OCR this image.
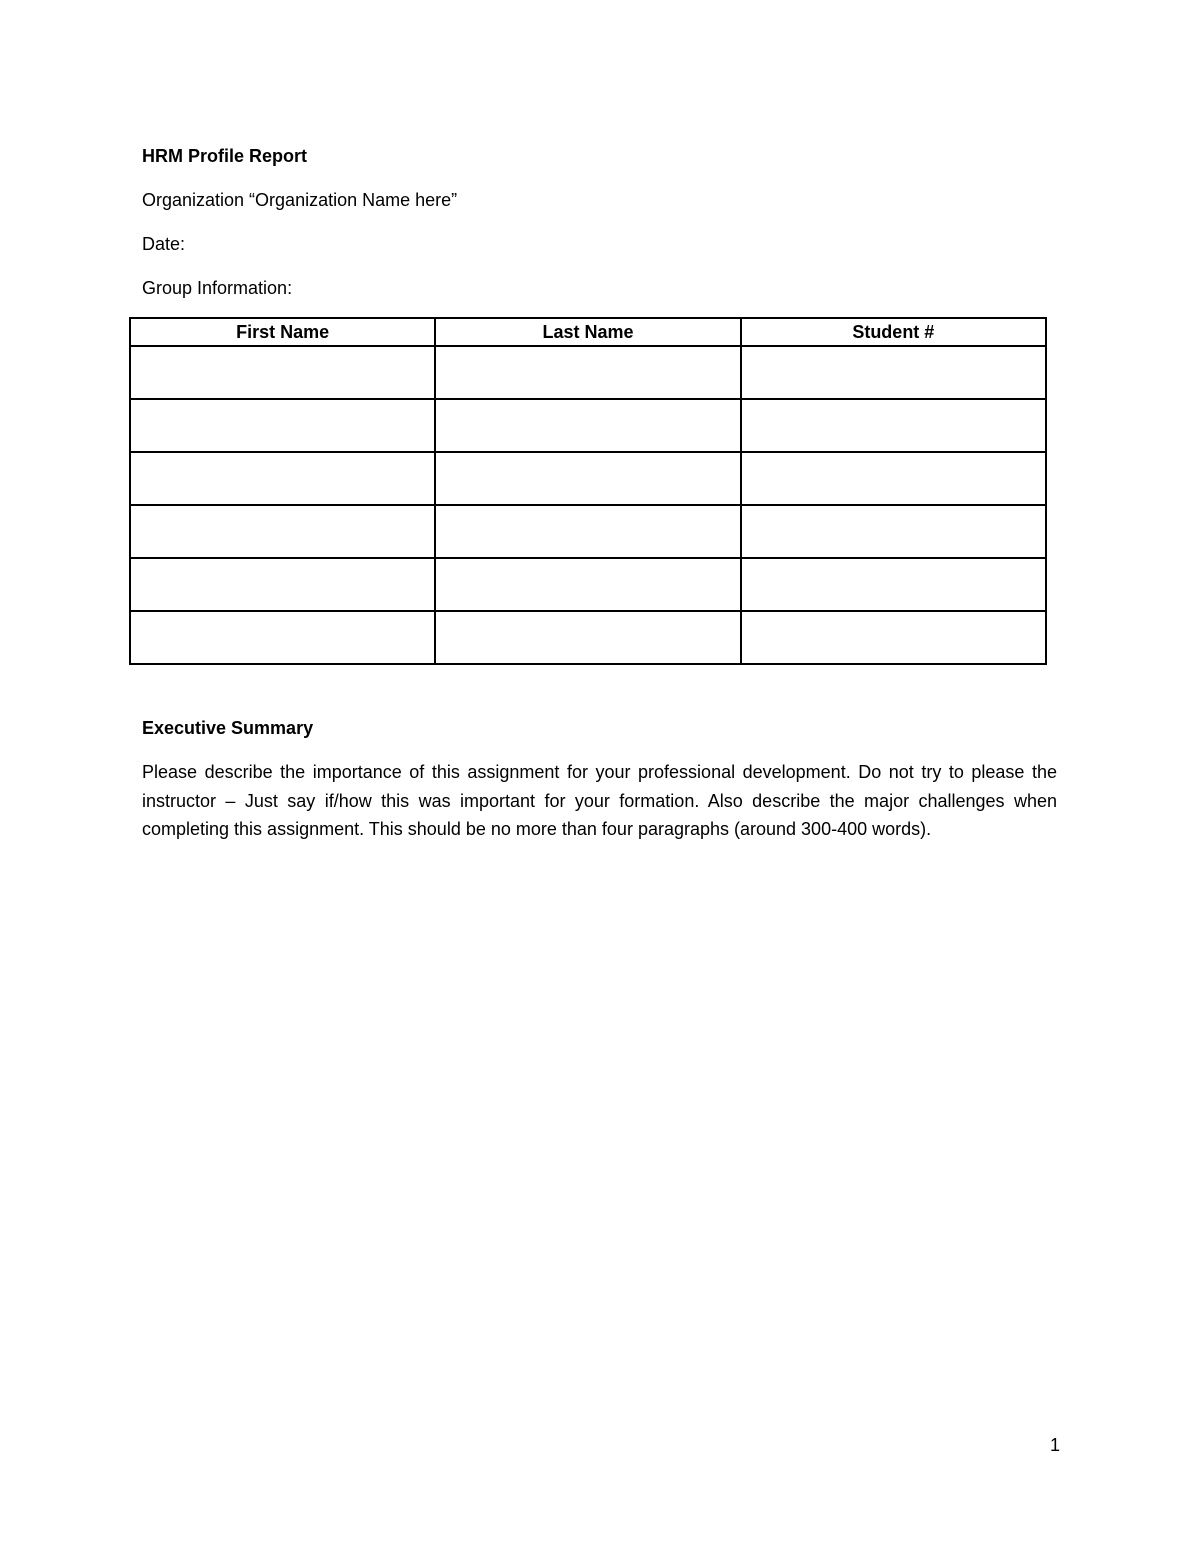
HRM Profile Report

Organization “Organization Name here”

Date:

Group Information:

First Name	Last Name	Student #

Executive Summary

Please describe the importance of this assignment for your professional development. Do not try to please the instructor – Just say if/how this was important for your formation. Also describe the major challenges when completing this assignment. This should be no more than four paragraphs (around 300-400 words).

1
